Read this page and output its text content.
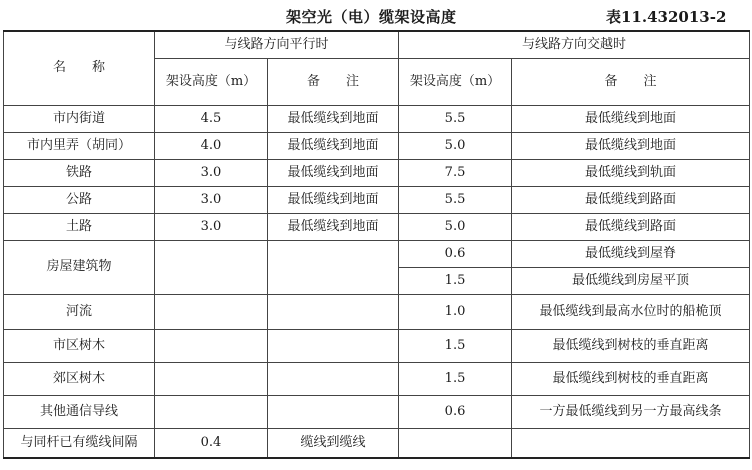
架空光（电）缆架设高度	表11.432013-2
名　　称	与线路方向平行时		与线路方向交越时	
	架设高度（m）	备　　注	架设高度（m）	备　　注
市内街道	4.5	最低缆线到地面	5.5	最低缆线到地面
市内里弄（胡同）	4.0	最低缆线到地面	5.0	最低缆线到地面
铁路	3.0	最低缆线到地面	7.5	最低缆线到轨面
公路	3.0	最低缆线到地面	5.5	最低缆线到路面
土路	3.0	最低缆线到地面	5.0	最低缆线到路面
房屋建筑物			0.6	最低缆线到屋脊
			1.5	最低缆线到房屋平顶
河流			1.0	最低缆线到最高水位时的船桅顶
市区树木			1.5	最低缆线到树枝的垂直距离
郊区树木			1.5	最低缆线到树枝的垂直距离
其他通信导线			0.6	一方最低缆线到另一方最高线条
与同杆已有缆线间隔	0.4	缆线到缆线		
